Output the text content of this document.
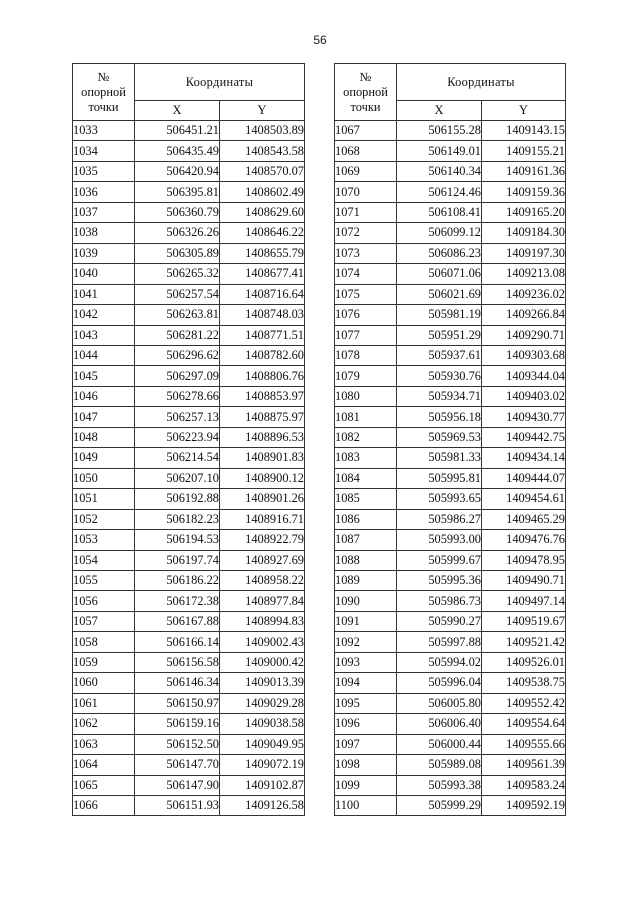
56
№
опорной
точки	Координаты	
	X	Y
1033	506451.21	1408503.89
1034	506435.49	1408543.58
1035	506420.94	1408570.07
1036	506395.81	1408602.49
1037	506360.79	1408629.60
1038	506326.26	1408646.22
1039	506305.89	1408655.79
1040	506265.32	1408677.41
1041	506257.54	1408716.64
1042	506263.81	1408748.03
1043	506281.22	1408771.51
1044	506296.62	1408782.60
1045	506297.09	1408806.76
1046	506278.66	1408853.97
1047	506257.13	1408875.97
1048	506223.94	1408896.53
1049	506214.54	1408901.83
1050	506207.10	1408900.12
1051	506192.88	1408901.26
1052	506182.23	1408916.71
1053	506194.53	1408922.79
1054	506197.74	1408927.69
1055	506186.22	1408958.22
1056	506172.38	1408977.84
1057	506167.88	1408994.83
1058	506166.14	1409002.43
1059	506156.58	1409000.42
1060	506146.34	1409013.39
1061	506150.97	1409029.28
1062	506159.16	1409038.58
1063	506152.50	1409049.95
1064	506147.70	1409072.19
1065	506147.90	1409102.87
1066	506151.93	1409126.58
№
опорной
точки	Координаты	
	X	Y
1067	506155.28	1409143.15
1068	506149.01	1409155.21
1069	506140.34	1409161.36
1070	506124.46	1409159.36
1071	506108.41	1409165.20
1072	506099.12	1409184.30
1073	506086.23	1409197.30
1074	506071.06	1409213.08
1075	506021.69	1409236.02
1076	505981.19	1409266.84
1077	505951.29	1409290.71
1078	505937.61	1409303.68
1079	505930.76	1409344.04
1080	505934.71	1409403.02
1081	505956.18	1409430.77
1082	505969.53	1409442.75
1083	505981.33	1409434.14
1084	505995.81	1409444.07
1085	505993.65	1409454.61
1086	505986.27	1409465.29
1087	505993.00	1409476.76
1088	505999.67	1409478.95
1089	505995.36	1409490.71
1090	505986.73	1409497.14
1091	505990.27	1409519.67
1092	505997.88	1409521.42
1093	505994.02	1409526.01
1094	505996.04	1409538.75
1095	506005.80	1409552.42
1096	506006.40	1409554.64
1097	506000.44	1409555.66
1098	505989.08	1409561.39
1099	505993.38	1409583.24
1100	505999.29	1409592.19
